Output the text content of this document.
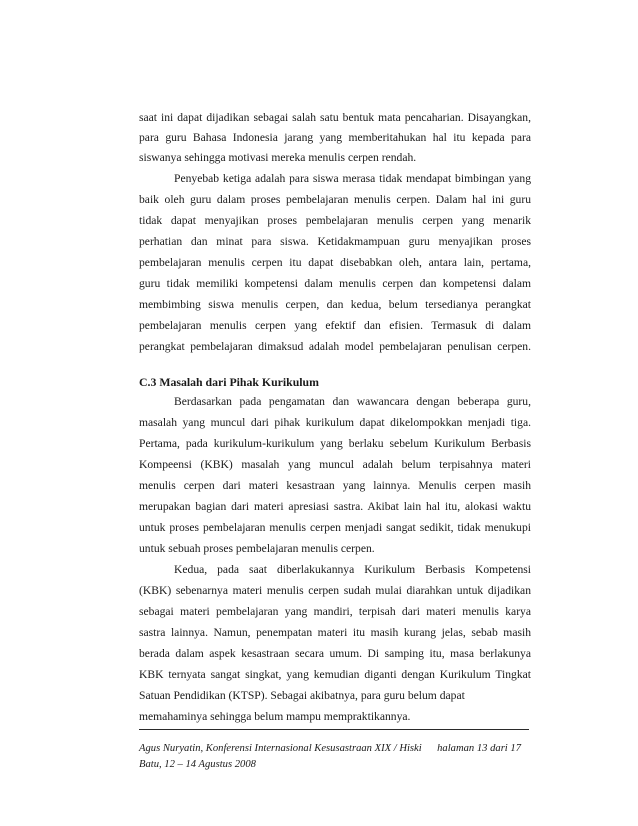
saat ini dapat dijadikan sebagai salah satu bentuk mata pencaharian. Disayangkan,
para guru Bahasa Indonesia jarang yang memberitahukan hal itu kepada para
siswanya sehingga motivasi mereka menulis cerpen rendah.
Penyebab ketiga adalah para siswa merasa tidak mendapat bimbingan yang
baik oleh guru dalam proses pembelajaran menulis cerpen. Dalam hal ini guru
tidak dapat menyajikan proses pembelajaran menulis cerpen yang menarik
perhatian dan minat para siswa. Ketidakmampuan guru menyajikan proses
pembelajaran menulis cerpen itu dapat disebabkan oleh, antara lain, pertama,
guru tidak memiliki kompetensi dalam menulis cerpen dan kompetensi dalam
membimbing siswa menulis cerpen, dan kedua, belum tersedianya perangkat
pembelajaran menulis cerpen yang efektif dan efisien. Termasuk di dalam
perangkat pembelajaran dimaksud adalah model pembelajaran penulisan cerpen.
C.3 Masalah dari Pihak Kurikulum
Berdasarkan pada pengamatan dan wawancara dengan beberapa guru,
masalah yang muncul dari pihak kurikulum dapat dikelompokkan menjadi tiga.
Pertama, pada kurikulum-kurikulum yang berlaku sebelum Kurikulum Berbasis
Kompeensi (KBK) masalah yang muncul adalah belum terpisahnya materi
menulis cerpen dari materi kesastraan yang lainnya. Menulis cerpen masih
merupakan bagian dari materi apresiasi sastra. Akibat lain hal itu, alokasi waktu
untuk proses pembelajaran menulis cerpen menjadi sangat sedikit, tidak menukupi
untuk sebuah proses pembelajaran menulis cerpen.
Kedua, pada saat diberlakukannya Kurikulum Berbasis Kompetensi
(KBK) sebenarnya materi menulis cerpen sudah mulai diarahkan untuk dijadikan
sebagai materi pembelajaran yang mandiri, terpisah dari materi menulis karya
sastra lainnya. Namun, penempatan materi itu masih kurang jelas, sebab masih
berada dalam aspek kesastraan secara umum. Di samping itu, masa berlakunya
KBK ternyata sangat singkat, yang kemudian diganti dengan Kurikulum Tingkat
Satuan Pendidikan (KTSP). Sebagai akibatnya, para guru belum dapat
memahaminya sehingga belum mampu mempraktikannya.
Agus Nuryatin, Konferensi Internasional Kesusastraan XIX / Hiski halaman 13 dari 17
Batu, 12 – 14 Agustus 2008
